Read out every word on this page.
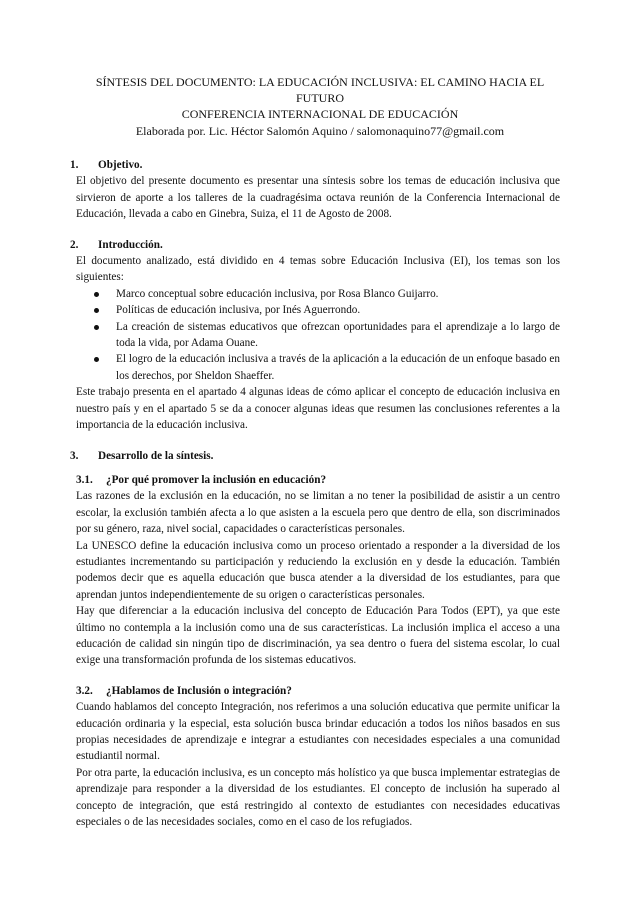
SÍNTESIS DEL DOCUMENTO: LA EDUCACIÓN INCLUSIVA: EL CAMINO HACIA EL
FUTURO
CONFERENCIA INTERNACIONAL DE EDUCACIÓN
Elaborada por. Lic. Héctor Salomón Aquino / salomonaquino77@gmail.com

1. Objetivo.

El objetivo del presente documento es presentar una síntesis sobre los temas de educación inclusiva que sirvieron de aporte a los talleres de la cuadragésima octava reunión de la Conferencia Internacional de Educación, llevada a cabo en Ginebra, Suiza, el 11 de Agosto de 2008.

2. Introducción.

El documento analizado, está dividido en 4 temas sobre Educación Inclusiva (EI), los temas son los siguientes:

Marco conceptual sobre educación inclusiva, por Rosa Blanco Guijarro.
Políticas de educación inclusiva, por Inés Aguerrondo.
La creación de sistemas educativos que ofrezcan oportunidades para el aprendizaje a lo largo de toda la vida, por Adama Ouane.
El logro de la educación inclusiva a través de la aplicación a la educación de un enfoque basado en los derechos, por Sheldon Shaeffer.

Este trabajo presenta en el apartado 4 algunas ideas de cómo aplicar el concepto de educación inclusiva en nuestro país y en el apartado 5 se da a conocer algunas ideas que resumen las conclusiones referentes a la importancia de la educación inclusiva.

3. Desarrollo de la síntesis.

3.1. ¿Por qué promover la inclusión en educación?

Las razones de la exclusión en la educación, no se limitan a no tener la posibilidad de asistir a un centro escolar, la exclusión también afecta a lo que asisten a la escuela pero que dentro de ella, son discriminados por su género, raza, nivel social, capacidades o características personales.

La UNESCO define la educación inclusiva como un proceso orientado a responder a la diversidad de los estudiantes incrementando su participación y reduciendo la exclusión en y desde la educación. También podemos decir que es aquella educación que busca atender a la diversidad de los estudiantes, para que aprendan juntos independientemente de su origen o características personales.

Hay que diferenciar a la educación inclusiva del concepto de Educación Para Todos (EPT), ya que este último no contempla a la inclusión como una de sus características. La inclusión implica el acceso a una educación de calidad sin ningún tipo de discriminación, ya sea dentro o fuera del sistema escolar, lo cual exige una transformación profunda de los sistemas educativos.

3.2. ¿Hablamos de Inclusión o integración?

Cuando hablamos del concepto Integración, nos referimos a una solución educativa que permite unificar la educación ordinaria y la especial, esta solución busca brindar educación a todos los niños basados en sus propias necesidades de aprendizaje e integrar a estudiantes con necesidades especiales a una comunidad estudiantil normal.

Por otra parte, la educación inclusiva, es un concepto más holístico ya que busca implementar estrategias de aprendizaje para responder a la diversidad de los estudiantes. El concepto de inclusión ha superado al concepto de integración, que está restringido al contexto de estudiantes con necesidades educativas especiales o de las necesidades sociales, como en el caso de los refugiados.
